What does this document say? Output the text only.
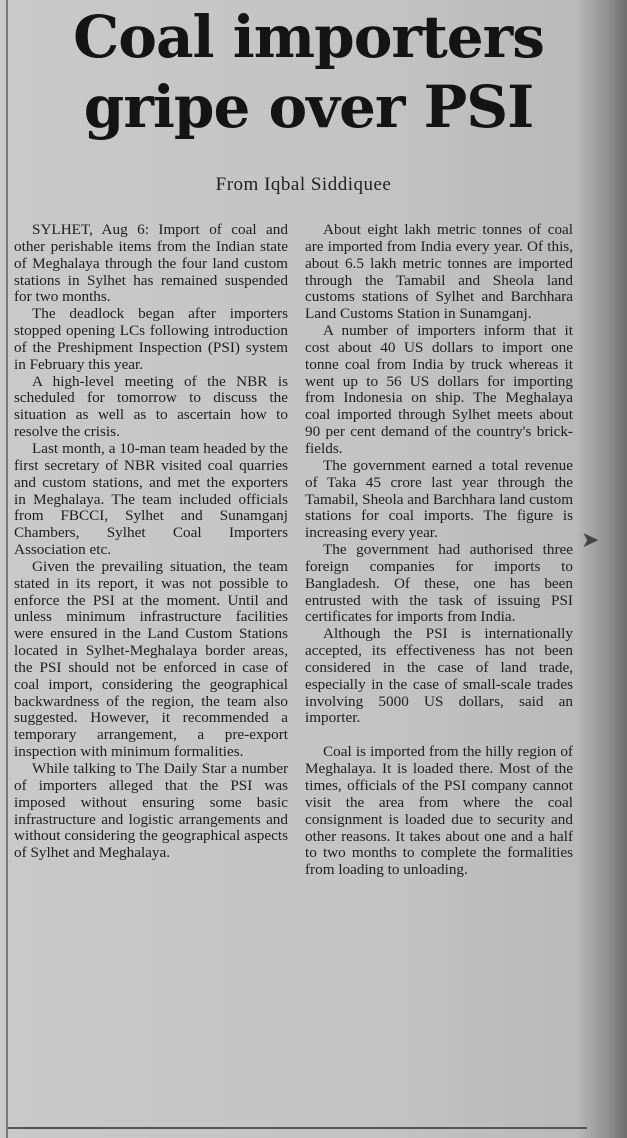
Coal importers
gripe over PSI
From Iqbal Siddiquee

SYLHET, Aug 6: Import of coal and other perishable items from the Indian state of Meghalaya through the four land custom stations in Sylhet has remained suspended for two months.

The deadlock began after importers stopped opening LCs following introduction of the Preshipment Inspection (PSI) system in February this year.

A high-level meeting of the NBR is scheduled for tomorrow to discuss the situation as well as to ascertain how to resolve the crisis.

Last month, a 10-man team headed by the first secretary of NBR visited coal quarries and custom stations, and met the exporters in Meghalaya. The team included officials from FBCCI, Sylhet and Sunamganj Chambers, Sylhet Coal Importers Association etc.

Given the prevailing situation, the team stated in its report, it was not possible to enforce the PSI at the moment. Until and unless minimum infrastructure facilities were ensured in the Land Custom Stations located in Sylhet-Meghalaya border areas, the PSI should not be enforced in case of coal import, considering the geographical backwardness of the region, the team also suggested. However, it recommended a temporary arrangement, a pre-export inspection with minimum formalities.

While talking to The Daily Star a number of importers alleged that the PSI was imposed without ensuring some basic infrastructure and logistic arrangements and without considering the geographical aspects of Sylhet and Meghalaya.

About eight lakh metric tonnes of coal are imported from India every year. Of this, about 6.5 lakh metric tonnes are imported through the Tamabil and Sheola land customs stations of Sylhet and Barchhara Land Customs Station in Sunamganj.

A number of importers inform that it cost about 40 US dollars to import one tonne coal from India by truck whereas it went up to 56 US dollars for importing from Indonesia on ship. The Meghalaya coal imported through Sylhet meets about 90 per cent demand of the country's brick-fields.

The government earned a total revenue of Taka 45 crore last year through the Tamabil, Sheola and Barchhara land custom stations for coal imports. The figure is increasing every year.

The government had authorised three foreign companies for imports to Bangladesh. Of these, one has been entrusted with the task of issuing PSI certificates for imports from India.

Although the PSI is internationally accepted, its effectiveness has not been considered in the case of land trade, especially in the case of small-scale trades involving 5000 US dollars, said an importer.

Coal is imported from the hilly region of Meghalaya. It is loaded there. Most of the times, officials of the PSI company cannot visit the area from where the coal consignment is loaded due to security and other reasons. It takes about one and a half to two months to complete the formalities from loading to unloading.

➤
